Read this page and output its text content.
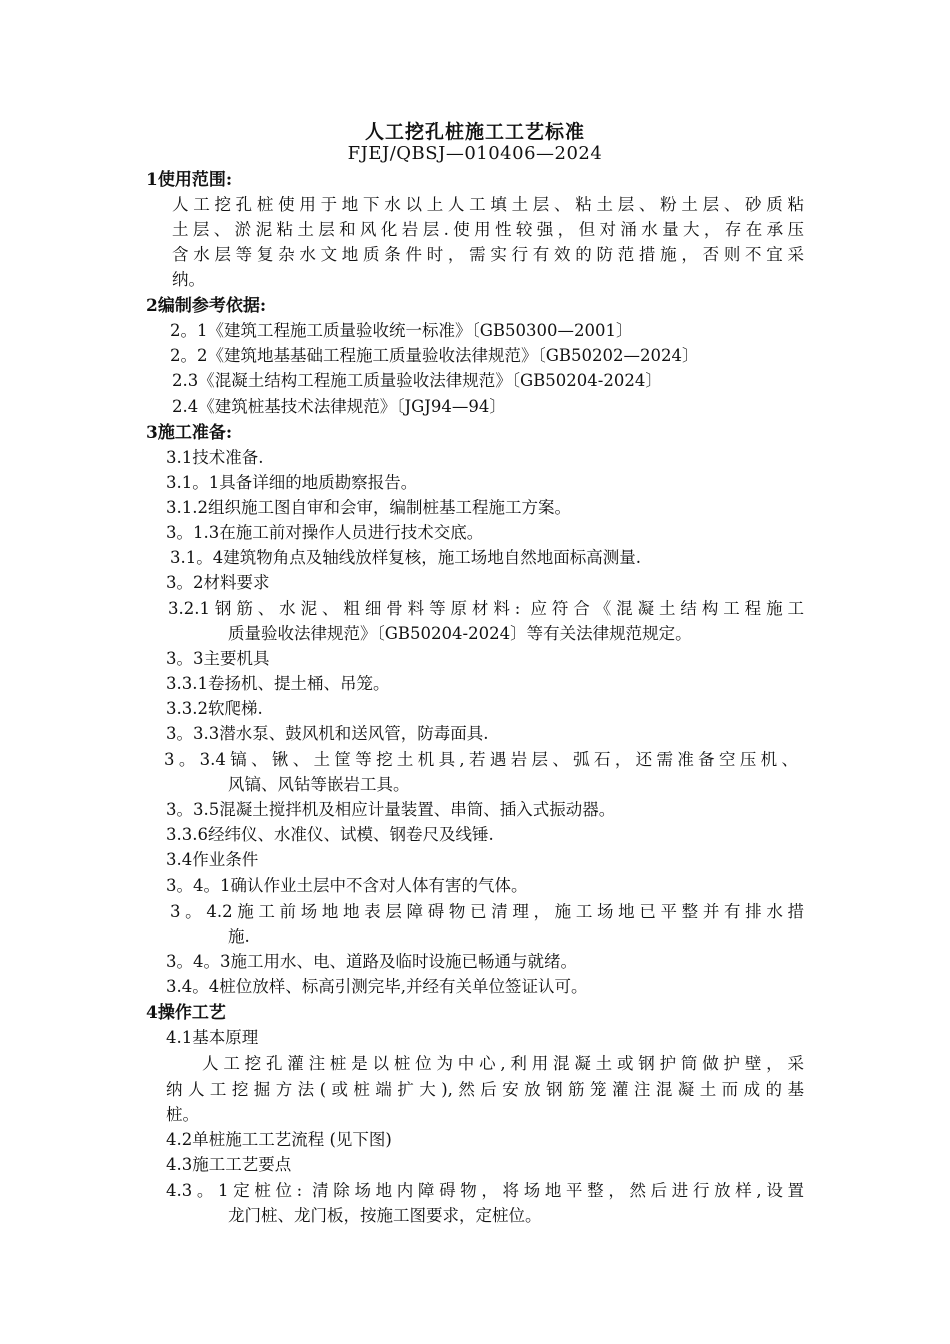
人工挖孔桩施工工艺标准
FJEJ/QBSJ—010406—2024
1使用范围:
人工挖孔桩使用于地下水以上人工填土层、粘土层、粉土层、砂质粘
土层、淤泥粘土层和风化岩层.使用性较强，但对涌水量大，存在承压
含水层等复杂水文地质条件时，需实行有效的防范措施，否则不宜采
纳。
2编制参考依据:
2。1《建筑工程施工质量验收统一标准》〔GB50300—2001〕
2。2《建筑地基基础工程施工质量验收法律规范》〔GB50202—2024〕
2.3《混凝土结构工程施工质量验收法律规范》〔GB50204-2024〕
2.4《建筑桩基技术法律规范》〔JGJ94—94〕
3施工准备:
3.1技术准备.
3.1。1具备详细的地质勘察报告。
3.1.2组织施工图自审和会审，编制桩基工程施工方案。
3。1.3在施工前对操作人员进行技术交底。
3.1。4建筑物角点及轴线放样复核，施工场地自然地面标高测量.
3。2材料要求
3.2.1钢筋、水泥、粗细骨料等原材料: 应符合《混凝土结构工程施工
质量验收法律规范》〔GB50204-2024〕等有关法律规范规定。
3。3主要机具
3.3.1卷扬机、提土桶、吊笼。
3.3.2软爬梯.
3。3.3潜水泵、鼓风机和送风管，防毒面具.
3。3.4镐、锹、土筐等挖土机具,若遇岩层、弧石，还需准备空压机、
风镐、风钻等嵌岩工具。
3。3.5混凝土搅拌机及相应计量装置、串筒、插入式振动器。
3.3.6经纬仪、水准仪、试模、钢卷尺及线锤.
3.4作业条件
3。4。1确认作业土层中不含对人体有害的气体。
3。4.2施工前场地地表层障碍物已清理，施工场地已平整并有排水措
施.
3。4。3施工用水、电、道路及临时设施已畅通与就绪。
3.4。4桩位放样、标高引测完毕,并经有关单位签证认可。
4操作工艺
4.1基本原理
人工挖孔灌注桩是以桩位为中心,利用混凝土或钢护筒做护壁，采
纳人工挖掘方法(或桩端扩大),然后安放钢筋笼灌注混凝土而成的基
桩。
4.2单桩施工工艺流程 (见下图)
4.3施工工艺要点
4.3。1定桩位: 清除场地内障碍物，将场地平整，然后进行放样,设置
龙门桩、龙门板，按施工图要求，定桩位。
